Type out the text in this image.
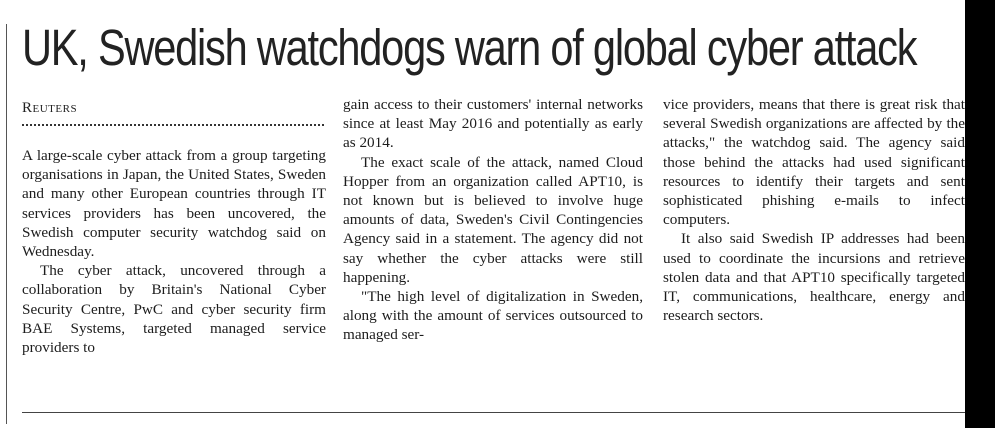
UK, Swedish watchdogs warn of global cyber attack
Reuters

A large-scale cyber attack from a group targeting organisations in Japan, the United States, Sweden and many other European countries through IT services providers has been uncovered, the Swedish computer security watchdog said on Wednesday.

The cyber attack, uncovered through a collaboration by Britain's National Cyber Security Centre, PwC and cyber security firm BAE Systems, targeted managed service providers to

gain access to their customers' internal networks since at least May 2016 and potentially as early as 2014.

The exact scale of the attack, named Cloud Hopper from an organization called APT10, is not known but is believed to involve huge amounts of data, Sweden's Civil Contingencies Agency said in a statement. The agency did not say whether the cyber attacks were still happening.

"The high level of digitalization in Sweden, along with the amount of services outsourced to managed ser-

vice providers, means that there is great risk that several Swedish organizations are affected by the attacks," the watchdog said. The agency said those behind the attacks had used significant resources to identify their targets and sent sophisticated phishing e-mails to infect computers.

It also said Swedish IP addresses had been used to coordinate the incursions and retrieve stolen data and that APT10 specifically targeted IT, communications, healthcare, energy and research sectors.
